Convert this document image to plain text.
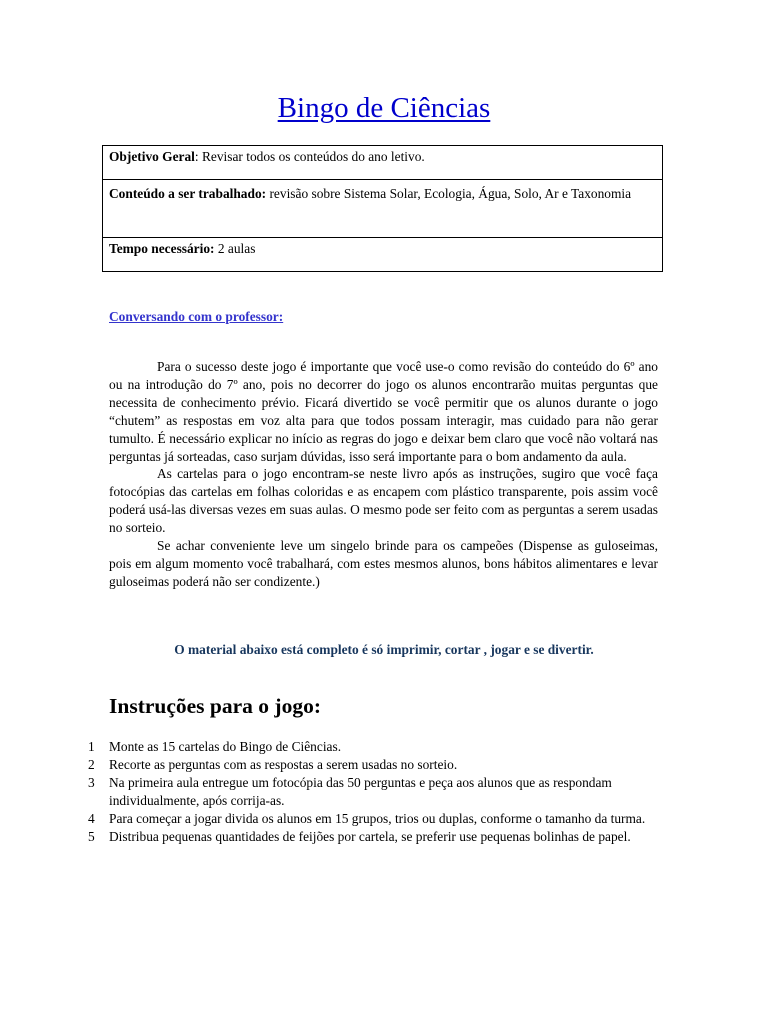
Bingo de Ciências
Objetivo Geral: Revisar todos os conteúdos do ano letivo.
Conteúdo a ser trabalhado: revisão sobre Sistema Solar, Ecologia, Água, Solo, Ar e Taxonomia
Tempo necessário: 2 aulas
Conversando com o professor:

Para o sucesso deste jogo é importante que você use-o como revisão do conteúdo do 6º ano ou na introdução do 7º ano, pois no decorrer do jogo os alunos encontrarão muitas perguntas que necessita de conhecimento prévio. Ficará divertido se você permitir que os alunos durante o jogo “chutem” as respostas em voz alta para que todos possam interagir, mas cuidado para não gerar tumulto. É necessário explicar no início as regras do jogo e deixar bem claro que você não voltará nas perguntas já sorteadas, caso surjam dúvidas, isso será importante para o bom andamento da aula.

As cartelas para o jogo encontram-se neste livro após as instruções, sugiro que você faça fotocópias das cartelas em folhas coloridas e as encapem com plástico transparente, pois assim você poderá usá-las diversas vezes em suas aulas. O mesmo pode ser feito com as perguntas a serem usadas no sorteio.

Se achar conveniente leve um singelo brinde para os campeões (Dispense as guloseimas, pois em algum momento você trabalhará, com estes mesmos alunos, bons hábitos alimentares e levar guloseimas poderá não ser condizente.)

O material abaixo está completo é só imprimir, cortar , jogar e se divertir.
Instruções para o jogo:
1 Monte as 15 cartelas do Bingo de Ciências.
2 Recorte as perguntas com as respostas a serem usadas no sorteio.
3 Na primeira aula entregue um fotocópia das 50 perguntas e peça aos alunos que as respondam individualmente, após corrija-as.
4 Para começar a jogar divida os alunos em 15 grupos, trios ou duplas, conforme o tamanho da turma.
5 Distribua pequenas quantidades de feijões por cartela, se preferir use pequenas bolinhas de papel.
